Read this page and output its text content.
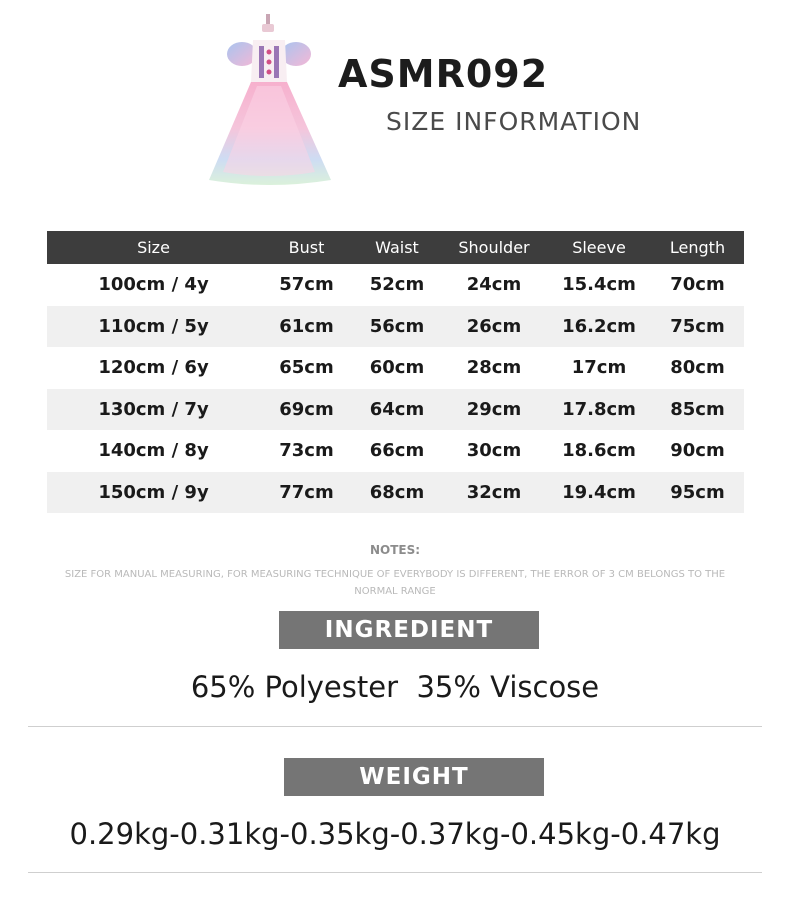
ASMR092
SIZE INFORMATION
Size	Bust	Waist	Shoulder	Sleeve	Length
100cm / 4y	57cm	52cm	24cm	15.4cm	70cm
110cm / 5y	61cm	56cm	26cm	16.2cm	75cm
120cm / 6y	65cm	60cm	28cm	17cm	80cm
130cm / 7y	69cm	64cm	29cm	17.8cm	85cm
140cm / 8y	73cm	66cm	30cm	18.6cm	90cm
150cm / 9y	77cm	68cm	32cm	19.4cm	95cm
NOTES:
SIZE FOR MANUAL MEASURING, FOR MEASURING TECHNIQUE OF EVERYBODY IS DIFFERENT, THE ERROR OF 3 CM BELONGS TO THE NORMAL RANGE
INGREDIENT
65% Polyester  35% Viscose
WEIGHT
0.29kg-0.31kg-0.35kg-0.37kg-0.45kg-0.47kg
